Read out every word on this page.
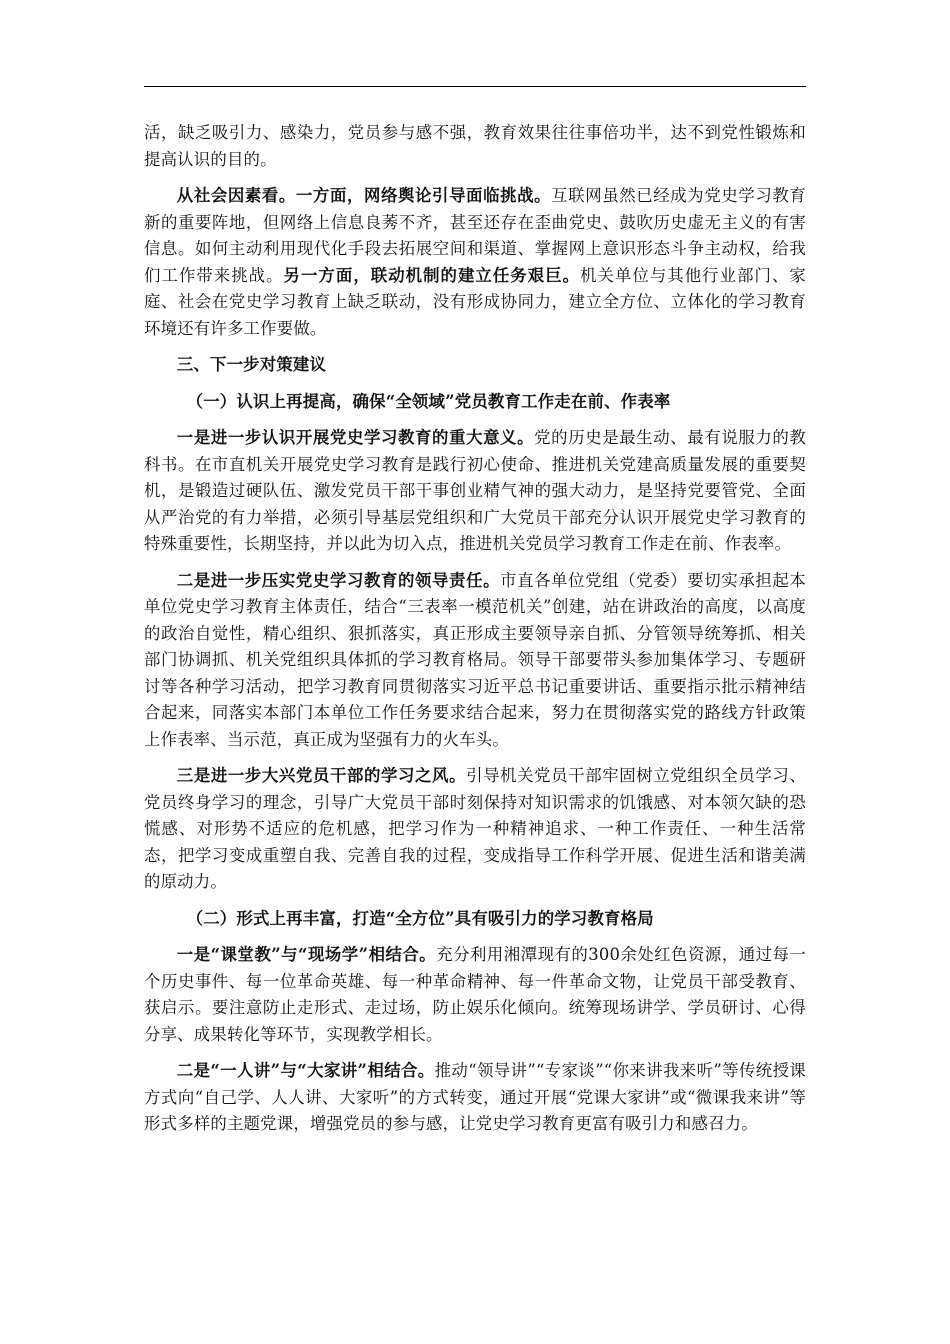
活，缺乏吸引力、感染力，党员参与感不强，教育效果往往事倍功半，达不到党性锻炼和提高认识的目的。

从社会因素看。一方面，网络舆论引导面临挑战。互联网虽然已经成为党史学习教育新的重要阵地，但网络上信息良莠不齐，甚至还存在歪曲党史、鼓吹历史虚无主义的有害信息。如何主动利用现代化手段去拓展空间和渠道、掌握网上意识形态斗争主动权，给我们工作带来挑战。另一方面，联动机制的建立任务艰巨。机关单位与其他行业部门、家庭、社会在党史学习教育上缺乏联动，没有形成协同力，建立全方位、立体化的学习教育环境还有许多工作要做。

三、下一步对策建议

（一）认识上再提高，确保“全领域”党员教育工作走在前、作表率

一是进一步认识开展党史学习教育的重大意义。党的历史是最生动、最有说服力的教科书。在市直机关开展党史学习教育是践行初心使命、推进机关党建高质量发展的重要契机，是锻造过硬队伍、激发党员干部干事创业精气神的强大动力，是坚持党要管党、全面从严治党的有力举措，必须引导基层党组织和广大党员干部充分认识开展党史学习教育的特殊重要性，长期坚持，并以此为切入点，推进机关党员学习教育工作走在前、作表率。

二是进一步压实党史学习教育的领导责任。市直各单位党组（党委）要切实承担起本单位党史学习教育主体责任，结合“三表率一模范机关”创建，站在讲政治的高度，以高度的政治自觉性，精心组织、狠抓落实，真正形成主要领导亲自抓、分管领导统筹抓、相关部门协调抓、机关党组织具体抓的学习教育格局。领导干部要带头参加集体学习、专题研讨等各种学习活动，把学习教育同贯彻落实习近平总书记重要讲话、重要指示批示精神结合起来，同落实本部门本单位工作任务要求结合起来，努力在贯彻落实党的路线方针政策上作表率、当示范，真正成为坚强有力的火车头。

三是进一步大兴党员干部的学习之风。引导机关党员干部牢固树立党组织全员学习、党员终身学习的理念，引导广大党员干部时刻保持对知识需求的饥饿感、对本领欠缺的恐慌感、对形势不适应的危机感，把学习作为一种精神追求、一种工作责任、一种生活常态，把学习变成重塑自我、完善自我的过程，变成指导工作科学开展、促进生活和谐美满的原动力。

（二）形式上再丰富，打造“全方位”具有吸引力的学习教育格局

一是“课堂教”与“现场学”相结合。充分利用湘潭现有的300余处红色资源，通过每一个历史事件、每一位革命英雄、每一种革命精神、每一件革命文物，让党员干部受教育、获启示。要注意防止走形式、走过场，防止娱乐化倾向。统筹现场讲学、学员研讨、心得分享、成果转化等环节，实现教学相长。

二是“一人讲”与“大家讲”相结合。推动“领导讲”“专家谈”“你来讲我来听”等传统授课方式向“自己学、人人讲、大家听”的方式转变，通过开展“党课大家讲”或“微课我来讲”等形式多样的主题党课，增强党员的参与感，让党史学习教育更富有吸引力和感召力。
